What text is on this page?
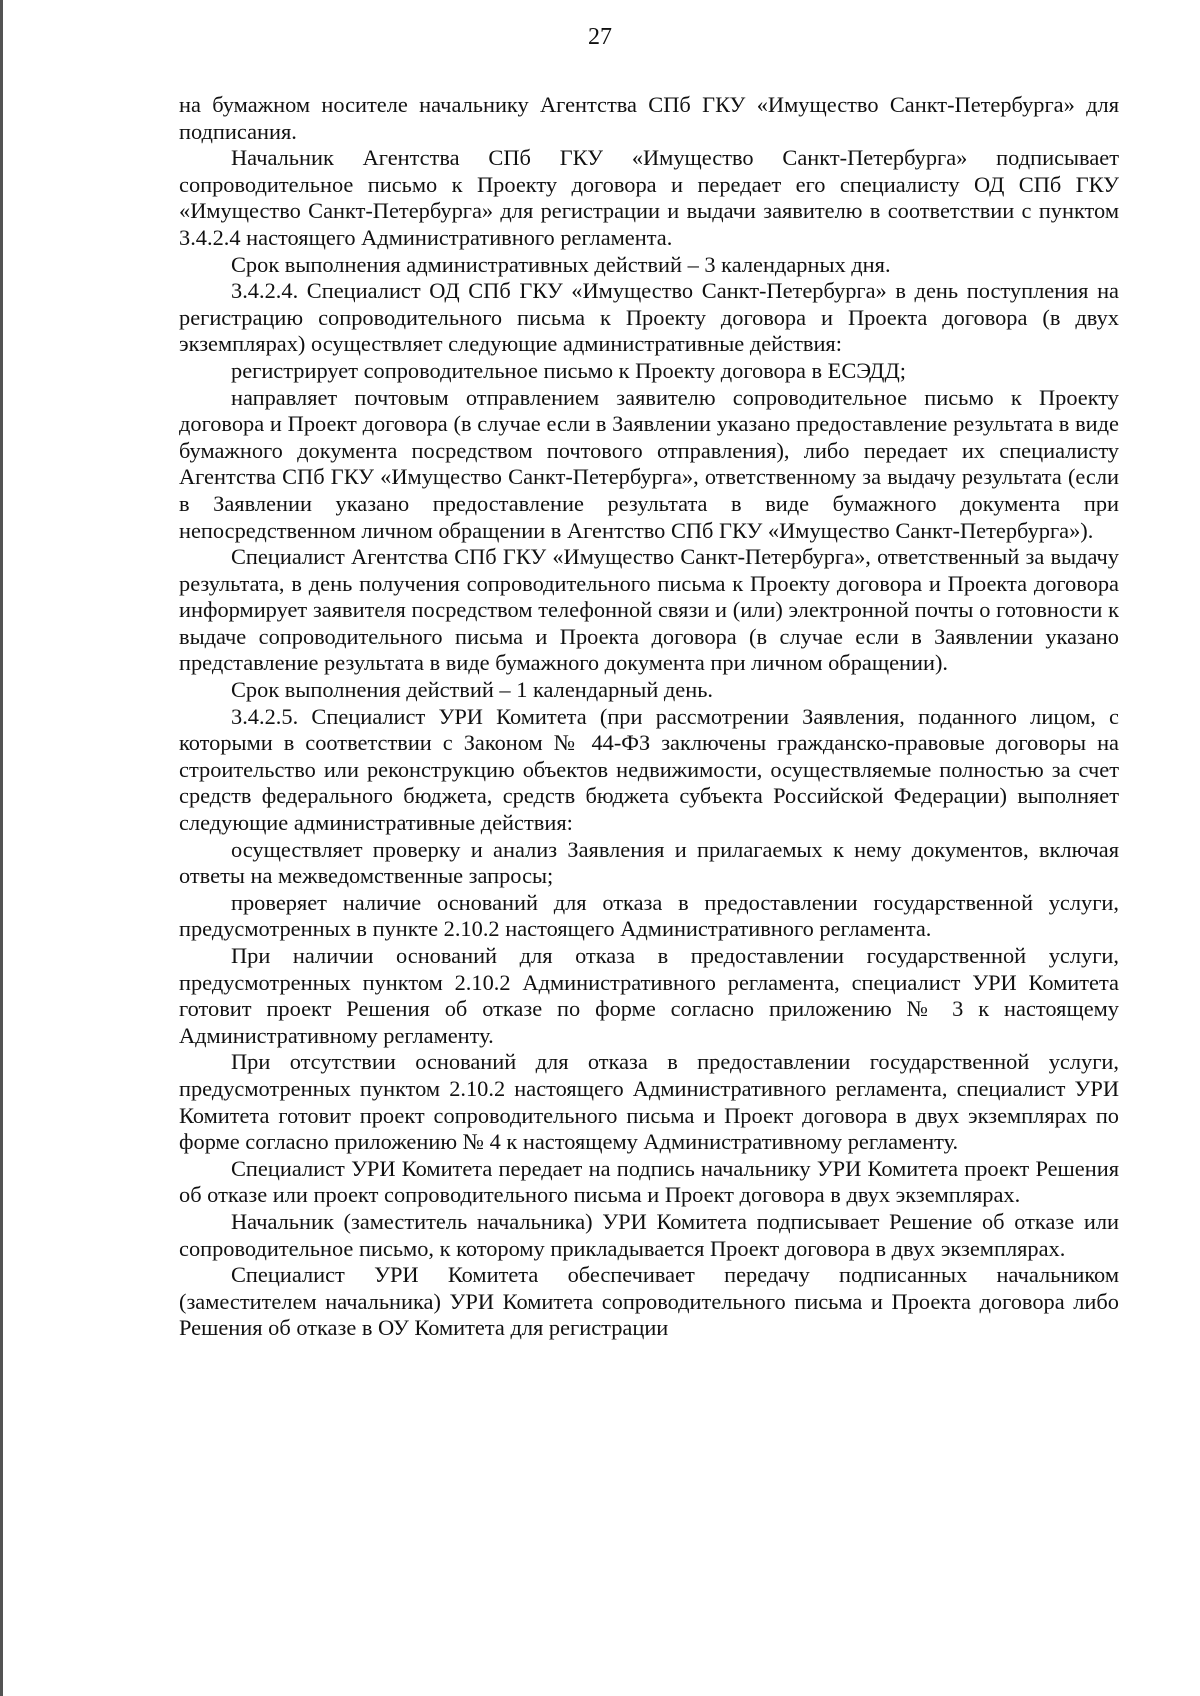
27

на бумажном носителе начальнику Агентства СПб ГКУ «Имущество Санкт-Петербурга» для подписания.

Начальник Агентства СПб ГКУ «Имущество Санкт-Петербурга» подписывает сопроводительное письмо к Проекту договора и передает его специалисту ОД СПб ГКУ «Имущество Санкт-Петербурга» для регистрации и выдачи заявителю в соответствии с пунктом 3.4.2.4 настоящего Административного регламента.

Срок выполнения административных действий – 3 календарных дня.

3.4.2.4. Специалист ОД СПб ГКУ «Имущество Санкт-Петербурга» в день поступления на регистрацию сопроводительного письма к Проекту договора и Проекта договора (в двух экземплярах) осуществляет следующие административные действия:

регистрирует сопроводительное письмо к Проекту договора в ЕСЭДД;

направляет почтовым отправлением заявителю сопроводительное письмо к Проекту договора и Проект договора (в случае если в Заявлении указано предоставление результата в виде бумажного документа посредством почтового отправления), либо передает их специалисту Агентства СПб ГКУ «Имущество Санкт-Петербурга», ответственному за выдачу результата (если в Заявлении указано предоставление результата в виде бумажного документа при непосредственном личном обращении в Агентство СПб ГКУ «Имущество Санкт-Петербурга»).

Специалист Агентства СПб ГКУ «Имущество Санкт-Петербурга», ответственный за выдачу результата, в день получения сопроводительного письма к Проекту договора и Проекта договора информирует заявителя посредством телефонной связи и (или) электронной почты о готовности к выдаче сопроводительного письма и Проекта договора (в случае если в Заявлении указано представление результата в виде бумажного документа при личном обращении).

Срок выполнения действий – 1 календарный день.

3.4.2.5. Специалист УРИ Комитета (при рассмотрении Заявления, поданного лицом, с которыми в соответствии с Законом № 44-ФЗ заключены гражданско-правовые договоры на строительство или реконструкцию объектов недвижимости, осуществляемые полностью за счет средств федерального бюджета, средств бюджета субъекта Российской Федерации) выполняет следующие административные действия:

осуществляет проверку и анализ Заявления и прилагаемых к нему документов, включая ответы на межведомственные запросы;

проверяет наличие оснований для отказа в предоставлении государственной услуги, предусмотренных в пункте 2.10.2 настоящего Административного регламента.

При наличии оснований для отказа в предоставлении государственной услуги, предусмотренных пунктом 2.10.2 Административного регламента, специалист УРИ Комитета готовит проект Решения об отказе по форме согласно приложению № 3 к настоящему Административному регламенту.

При отсутствии оснований для отказа в предоставлении государственной услуги, предусмотренных пунктом 2.10.2 настоящего Административного регламента, специалист УРИ Комитета готовит проект сопроводительного письма и Проект договора в двух экземплярах по форме согласно приложению № 4 к настоящему Административному регламенту.

Специалист УРИ Комитета передает на подпись начальнику УРИ Комитета проект Решения об отказе или проект сопроводительного письма и Проект договора в двух экземплярах.

Начальник (заместитель начальника) УРИ Комитета подписывает Решение об отказе или сопроводительное письмо, к которому прикладывается Проект договора в двух экземплярах.

Специалист УРИ Комитета обеспечивает передачу подписанных начальником (заместителем начальника) УРИ Комитета сопроводительного письма и Проекта договора либо Решения об отказе в ОУ Комитета для регистрации
